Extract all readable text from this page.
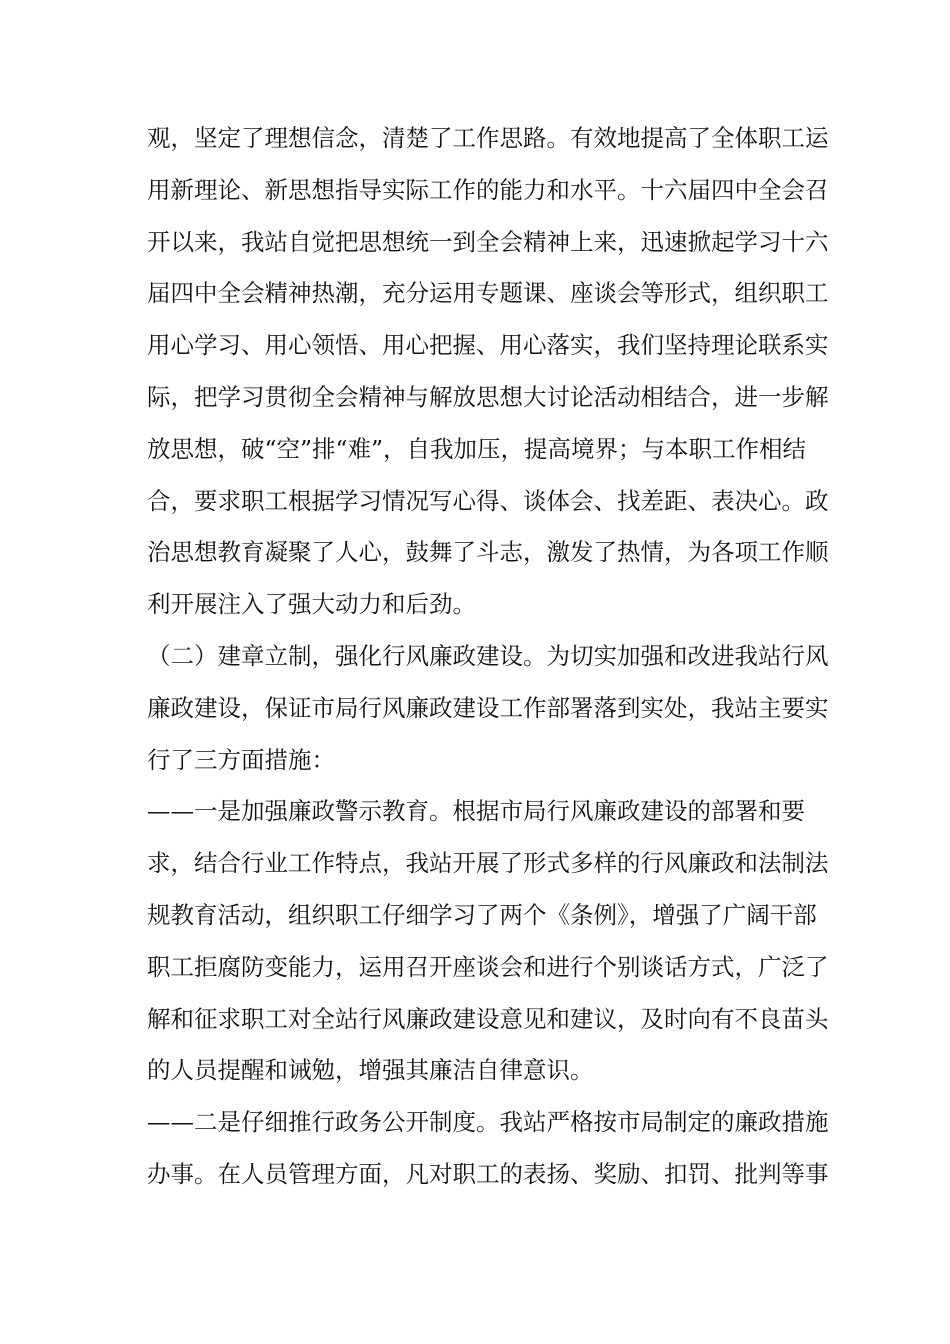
观，坚定了理想信念，清楚了工作思路。有效地提高了全体职工运
用新理论、新思想指导实际工作的能力和水平。十六届四中全会召
开以来，我站自觉把思想统一到全会精神上来，迅速掀起学习十六
届四中全会精神热潮，充分运用专题课、座谈会等形式，组织职工
用心学习、用心领悟、用心把握、用心落实，我们坚持理论联系实
际，把学习贯彻全会精神与解放思想大讨论活动相结合，进一步解
放思想，破“空”排“难”，自我加压，提高境界；与本职工作相结
合，要求职工根据学习情况写心得、谈体会、找差距、表决心。政
治思想教育凝聚了人心，鼓舞了斗志，激发了热情，为各项工作顺
利开展注入了强大动力和后劲。
（二）建章立制，强化行风廉政建设。为切实加强和改进我站行风
廉政建设，保证市局行风廉政建设工作部署落到实处，我站主要实
行了三方面措施：
——一是加强廉政警示教育。根据市局行风廉政建设的部署和要
求，结合行业工作特点，我站开展了形式多样的行风廉政和法制法
规教育活动，组织职工仔细学习了两个《条例》，增强了广阔干部
职工拒腐防变能力，运用召开座谈会和进行个别谈话方式，广泛了
解和征求职工对全站行风廉政建设意见和建议，及时向有不良苗头
的人员提醒和诫勉，增强其廉洁自律意识。
——二是仔细推行政务公开制度。我站严格按市局制定的廉政措施
办事。在人员管理方面，凡对职工的表扬、奖励、扣罚、批判等事
